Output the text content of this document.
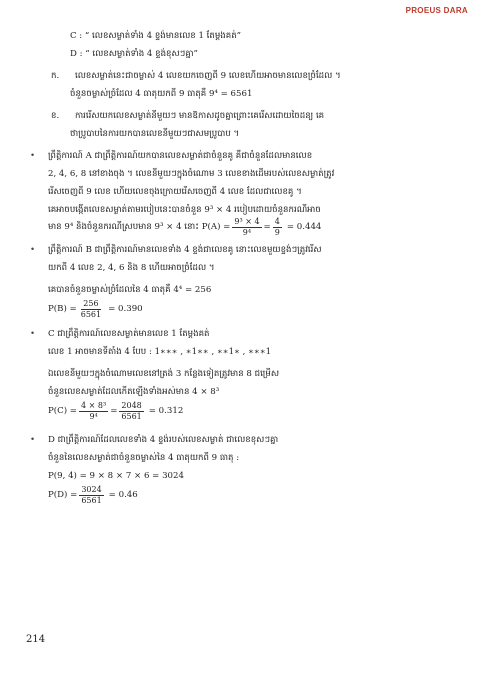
PROEUS DARA
C : “ លេខសម្ងាត់ទាំង 4 ខ្ទង់មានលេខ 1 តែម្តងគត់”
D : “ លេខសម្ងាត់ទាំង 4 ខ្ទង់ខុសៗគ្នា”
ក. លេខសម្ងាត់នេះជាចម្លាស់ 4 លេខយកចេញពី 9 លេខហើយអាចមានលេខច្រំដែល ។
ចំនួនចម្លាស់ច្រំដែល 4 ធាតុយកពី 9 ធាតុគឺ 9⁴ = 6561
ខ. ការរើសយកលេខសម្ងាត់នីមួយៗ មានឱកាសដូចគ្នាព្រោះគេរើសដោយចៃដន្យ គេ
ថាប្រូបាបនៃការយកបានលេខនីមួយៗជាសមប្រូបាប ។
• ព្រឹត្តិការណ៍ A ជាព្រឹត្តិការណ៍យកបានលេខសម្ងាត់ជាចំនួនគូ គឺជាចំនួនដែលមានលេខ
2, 4, 6, 8 នៅខាងចុង ។ លេខនីមួយៗក្នុងចំណោម 3 លេខខាងដើមរបស់លេខសម្ងាត់ត្រូវ
រើសចេញពី 9 លេខ ហើយលេខចុងក្រោយរើសចេញពី 4 លេខ ដែលជាលេខគូ ។
គេអាចបង្កើតលេខសម្ងាត់តាមរបៀបនេះបានចំនួន 9³ × 4 របៀបដោយចំនួនករណីអាច
មាន 9⁴ និងចំនួនករណីស្របមាន 9³ × 4 នោះ $P(A) = \frac{\text{9³ × 4}}{\text{9⁴}} = \frac{4}{9} = 0.444$
• ព្រឹត្តិការណ៍ B ជាព្រឹត្តិការណ៍មានលេខទាំង 4 ខ្ទង់ជាលេខគូ នោះលេខមួយខ្ទង់ៗត្រូវរើស
យកពី 4 លេខ 2, 4, 6 និង 8 ហើយអាចច្រំដែល ។
គេបានចំនួនចម្លាស់ច្រំដែលនៃ 4 ធាតុគឺ 4⁴ = 256
$P(B) = \frac{256}{6561} = 0.390$
• C ជាព្រឹត្តិការណ៍លេខសម្ងាត់មានលេខ 1 តែម្តងគត់
លេខ 1 អាចមានទីតាំង 4 បែប : 1∗∗∗ , ∗1∗∗ , ∗∗1∗ , ∗∗∗1
ឯលេខនីមួយៗក្នុងចំណោមលេខនៅត្រង់ 3 កន្លែងទៀតត្រូវមាន 8 ជម្រើស
ចំនួនលេខសម្ងាត់ដែលកើតឡើងទាំងអស់មាន 4 × 8³
$P(C) = \frac{\text{4 × 8³}}{\text{9⁴}} = \frac{2048}{6561} = 0.312$
• D ជាព្រឹត្តិការណ៍ដែលលេខទាំង 4 ខ្ទង់របស់លេខសម្ងាត់ ជាលេខខុសៗគ្នា
ចំនួននៃលេខសម្ងាត់ជាចំនួនចម្លាស់នៃ 4 ធាតុយកពី 9 ធាតុ :
P(9, 4) = 9 × 8 × 7 × 6 = 3024
$P(D) = \frac{3024}{6561} = 0.46$
214
